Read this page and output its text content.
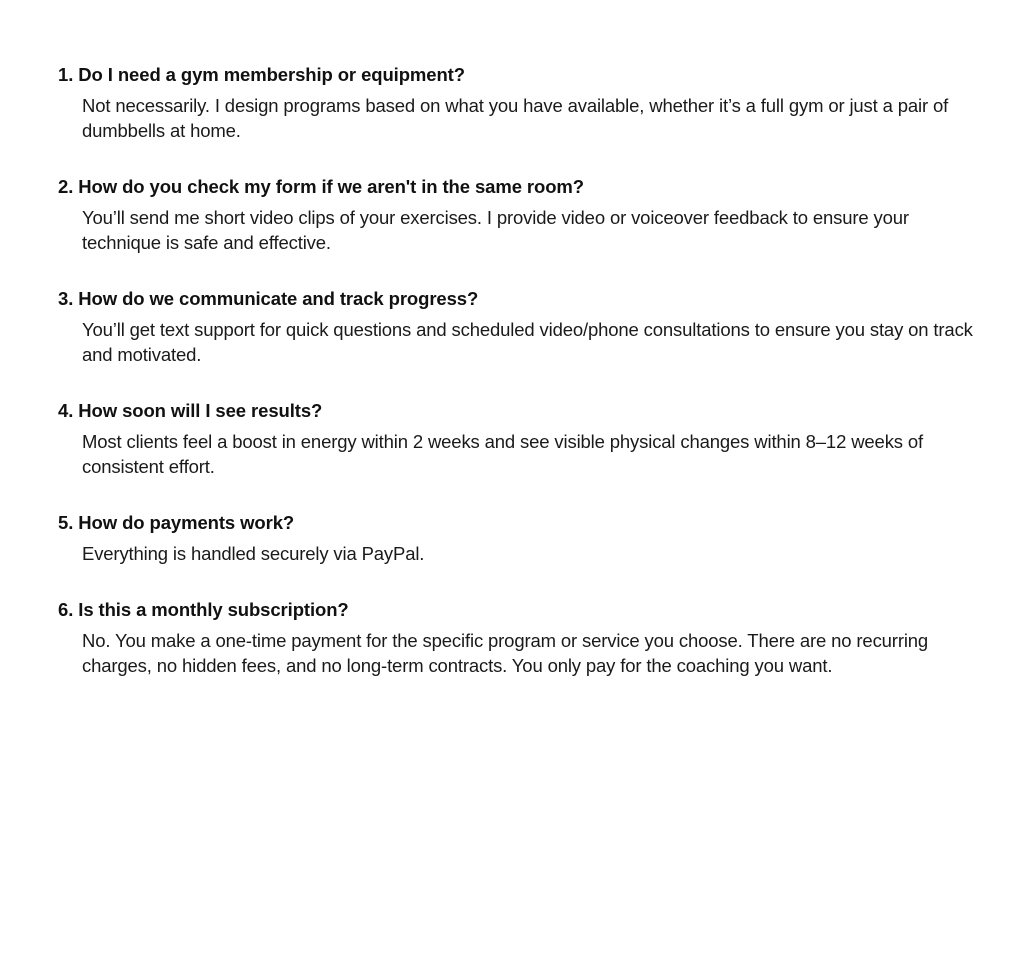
1. Do I need a gym membership or equipment?

Not necessarily. I design programs based on what you have available, whether it’s a full gym or just a pair of dumbbells at home.

2. How do you check my form if we aren't in the same room?

You’ll send me short video clips of your exercises. I provide video or voiceover feedback to ensure your technique is safe and effective.

3. How do we communicate and track progress?

You’ll get text support for quick questions and scheduled video/phone consultations to ensure you stay on track and motivated.

4. How soon will I see results?

Most clients feel a boost in energy within 2 weeks and see visible physical changes within 8–12 weeks of consistent effort.

5. How do payments work?

Everything is handled securely via PayPal.

6. Is this a monthly subscription?

No. You make a one-time payment for the specific program or service you choose. There are no recurring charges, no hidden fees, and no long-term contracts. You only pay for the coaching you want.
